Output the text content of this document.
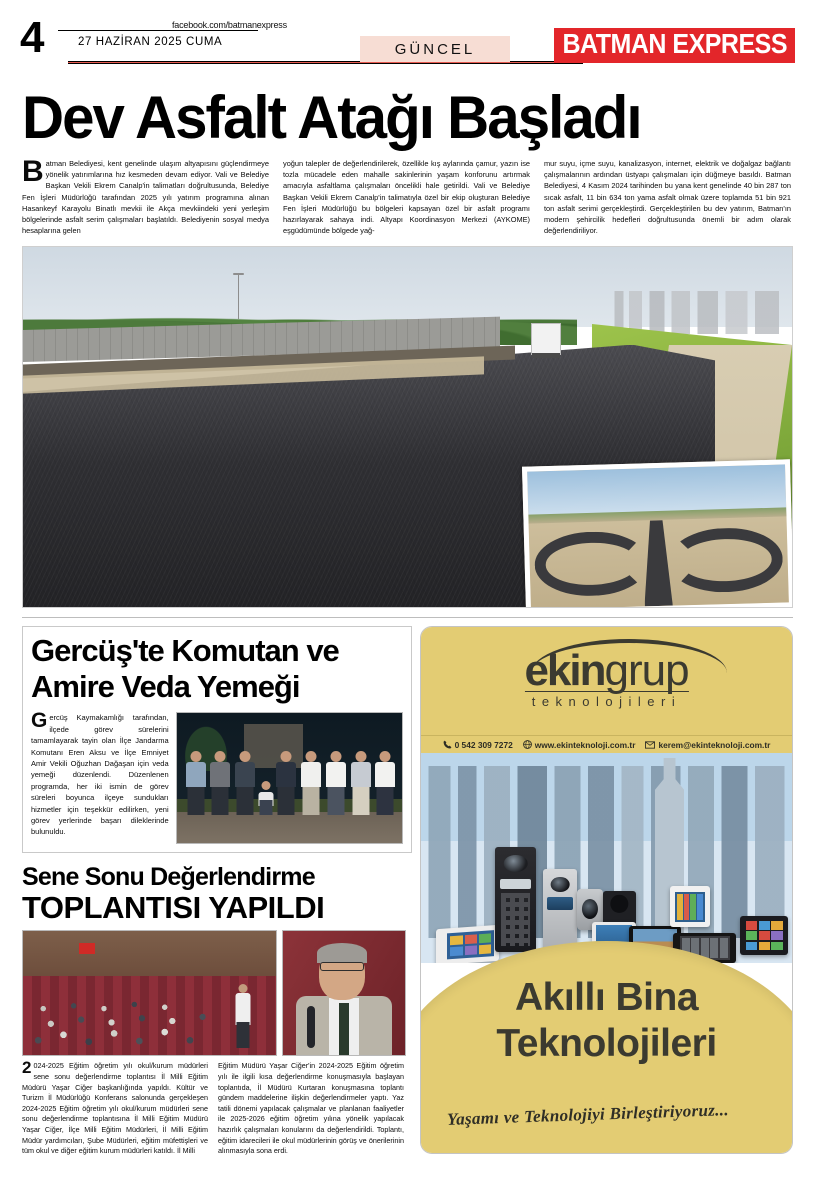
4	facebook.com/batmanexpress
27 HAZİRAN 2025 CUMA	GÜNCEL	BATMAN EXPRESS
Dev Asfalt Atağı Başladı

Batman Belediyesi, kent genelinde ulaşım altyapısını güçlendirmeye yönelik yatırımlarına hız kesmeden devam ediyor. Vali ve Belediye Başkan Vekili Ekrem Canalp'in talimatları doğrultusunda, Belediye Fen İşleri Müdürlüğü tarafından 2025 yılı yatırım programına alınan Hasankeyf Karayolu Binatlı mevkii ile Akça mevkiindeki yeni yerleşim bölgelerinde asfalt serim çalışmaları başlatıldı. Belediyenin sosyal medya hesaplarına gelen

yoğun talepler de değerlendirilerek, özellikle kış aylarında çamur, yazın ise tozla mücadele eden mahalle sakinlerinin yaşam konforunu artırmak amacıyla asfaltlama çalışmaları öncelikli hale getirildi. Vali ve Belediye Başkan Vekili Ekrem Canalp'in talimatıyla özel bir ekip oluşturan Belediye Fen İşleri Müdürlüğü bu bölgeleri kapsayan özel bir asfalt programı hazırlayarak sahaya indi. Altyapı Koordinasyon Merkezi (AYKOME) eşgüdümünde bölgede yağ-

mur suyu, içme suyu, kanalizasyon, internet, elektrik ve doğalgaz bağlantı çalışmalarının ardından üstyapı çalışmaları için düğmeye basıldı. Batman Belediyesi, 4 Kasım 2024 tarihinden bu yana kent genelinde 40 bin 287 ton sıcak asfalt, 11 bin 634 ton yama asfalt olmak üzere toplamda 51 bin 921 ton asfalt serimi gerçekleştirdi. Gerçekleştirilen bu dev yatırım, Batman'ın modern şehircilik hedefleri doğrultusunda önemli bir adım olarak değerlendiriliyor.

Gercüş'te Komutan ve
Amire Veda Yemeği

Gercüş Kaymakamlığı tarafından, ilçede görev sürelerini tamamlayarak tayin olan İlçe Jandarma Komutanı Eren Aksu ve İlçe Emniyet Amir Vekili Oğuzhan Dağaşan için veda yemeği düzenlendi. Düzenlenen programda, her iki ismin de görev süreleri boyunca ilçeye sundukları hizmetler için teşekkür edilirken, yeni görev yerlerinde başarı dileklerinde bulunuldu.

Sene Sonu Değerlendirme
TOPLANTISI YAPILDI

2024-2025 Eğitim öğretim yılı okul/kurum müdürleri sene sonu değerlendirme toplantısı İl Milli Eğitim Müdürü Yaşar Ciğer başkanlığında yapıldı. Kültür ve Turizm İl Müdürlüğü Konferans salonunda gerçekleşen 2024-2025 Eğitim öğretim yılı okul/kurum müdürleri sene sonu değerlendirme toplantısına İl Milli Eğitim Müdürü Yaşar Ciğer, İlçe Milli Eğitim Müdürleri, İl Milli Eğitim Müdür yardımcıları, Şube Müdürleri, eğitim müfettişleri ve tüm okul ve diğer eğitim kurum müdürleri katıldı. İl Milli

Eğitim Müdürü Yaşar Ciğer'in 2024-2025 Eğitim öğretim yılı ile ilgili kısa değerlendirme konuşmasıyla başlayan toplantıda, İl Müdürü Kurtaran konuşmasına toplantı gündem maddelerine ilişkin değerlendirmeler yaptı. Yaz tatili dönemi yapılacak çalışmalar ve planlanan faaliyetler ile 2025-2026 eğitim öğretim yılına yönelik yapılacak hazırlık çalışmaları konularını da değerlendirildi. Toplantı, eğitim idarecileri ile okul müdürlerinin görüş ve önerilerinin alınmasıyla sona erdi.

ekingrup
teknolojileri
0 542 309 7272	www.ekinteknoloji.com.tr	kerem@ekinteknoloji.com.tr
Akıllı Bina
Teknolojileri
Yaşamı ve Teknolojiyi Birleştiriyoruz...
